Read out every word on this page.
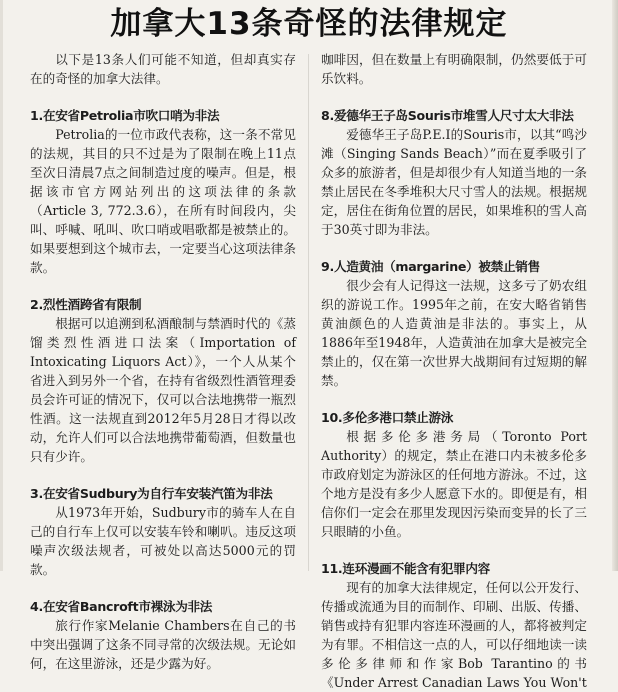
加拿大13条奇怪的法律规定

以下是13条人们可能不知道，但却真实存在的奇怪的加拿大法律。

1.在安省Petrolia市吹口哨为非法

Petrolia的一位市政代表称，这一条不常见的法规，其目的只不过是为了限制在晚上11点至次日清晨7点之间制造过度的噪声。但是，根据该市官方网站列出的这项法律的条款（Article 3, 772.3.6），在所有时间段内，尖叫、呼喊、吼叫、吹口哨或唱歌都是被禁止的。如果要想到这个城市去，一定要当心这项法律条款。

2.烈性酒跨省有限制

根据可以追溯到私酒酿制与禁酒时代的《蒸馏类烈性酒进口法案（Importation of Intoxicating Liquors Act）》，一个人从某个省进入到另外一个省，在持有省级烈性酒管理委员会许可证的情况下，仅可以合法地携带一瓶烈性酒。这一法规直到2012年5月28日才得以改动，允许人们可以合法地携带葡萄酒，但数量也只有少许。

3.在安省Sudbury为自行车安装汽笛为非法

从1973年开始，Sudbury市的骑车人在自己的自行车上仅可以安装车铃和喇叭。违反这项噪声次级法规者，可被处以高达5000元的罚款。

4.在安省Bancroft市裸泳为非法

旅行作家Melanie Chambers在自己的书中突出强调了这条不同寻常的次级法规。无论如何，在这里游泳，还是少露为好。

咖啡因，但在数量上有明确限制，仍然要低于可乐饮料。

8.爱德华王子岛Souris市堆雪人尺寸太大非法

爱德华王子岛P.E.I的Souris市，以其“鸣沙滩（Singing Sands Beach）”而在夏季吸引了众多的旅游者，但是却很少有人知道当地的一条禁止居民在冬季堆积大尺寸雪人的法规。根据规定，居住在街角位置的居民，如果堆积的雪人高于30英寸即为非法。

9.人造黄油（margarine）被禁止销售

很少会有人记得这一法规，这多亏了奶农组织的游说工作。1995年之前，在安大略省销售黄油颜色的人造黄油是非法的。事实上，从1886年至1948年，人造黄油在加拿大是被完全禁止的，仅在第一次世界大战期间有过短期的解禁。

10.多伦多港口禁止游泳

根据多伦多港务局（Toronto Port Authority）的规定，禁止在港口内未被多伦多市政府划定为游泳区的任何地方游泳。不过，这个地方是没有多少人愿意下水的。即便是有，相信你们一定会在那里发现因污染而变异的长了三只眼睛的小鱼。

11.连环漫画不能含有犯罪内容

现有的加拿大法律规定，任何以公开发行、传播或流通为目的而制作、印刷、出版、传播、销售或持有犯罪内容连环漫画的人，都将被判定为有罪。不相信这一点的人，可以仔细地读一读多伦多律师和作家Bob Tarantino的书《Under Arrest Canadian Laws You Won't
